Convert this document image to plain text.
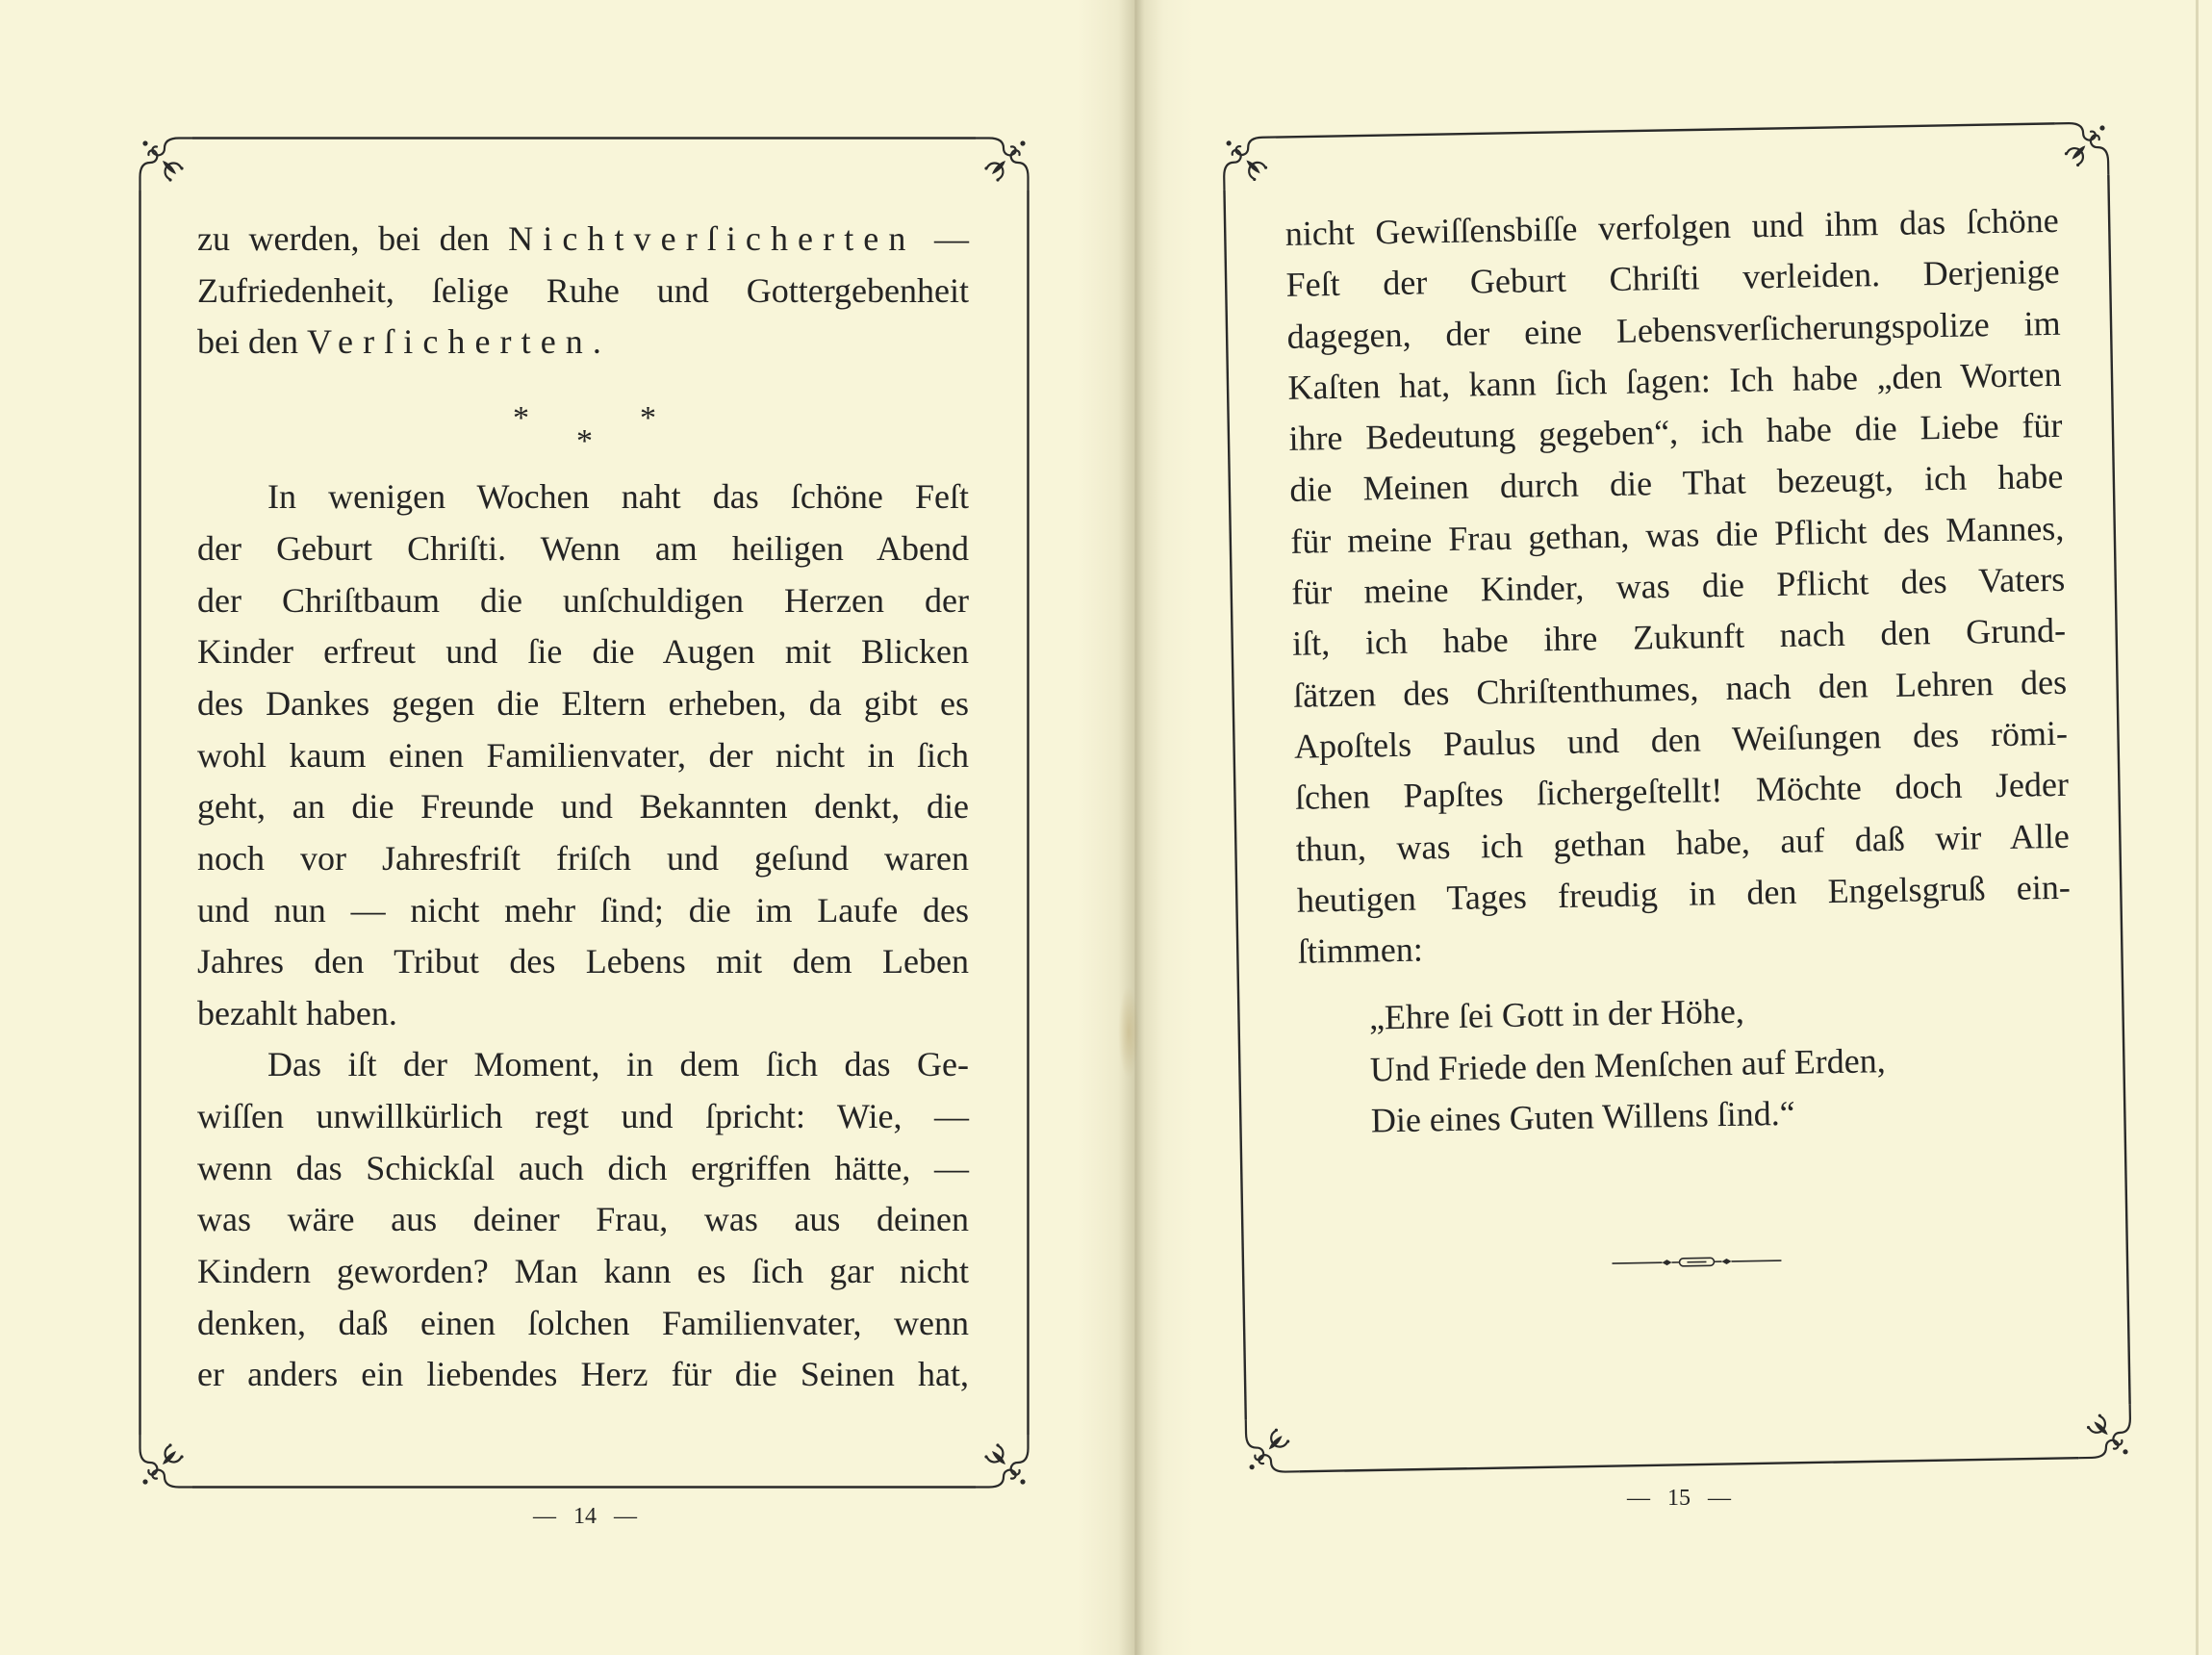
zu werden, bei den Nichtverſicherten —
Zufriedenheit, ſelige Ruhe und Gottergebenheit
bei den Verſicherten.
*	*
*
In wenigen Wochen naht das ſchöne Feſt
der Geburt Chriſti. Wenn am heiligen Abend
der Chriſtbaum die unſchuldigen Herzen der
Kinder erfreut und ſie die Augen mit Blicken
des Dankes gegen die Eltern erheben, da gibt es
wohl kaum einen Familienvater, der nicht in ſich
geht, an die Freunde und Bekannten denkt, die
noch vor Jahresfriſt friſch und geſund waren
und nun — nicht mehr ſind; die im Laufe des
Jahres den Tribut des Lebens mit dem Leben
bezahlt haben.
Das iſt der Moment, in dem ſich das Ge-
wiſſen unwillkürlich regt und ſpricht: Wie, —
wenn das Schickſal auch dich ergriffen hätte, —
was wäre aus deiner Frau, was aus deinen
Kindern geworden? Man kann es ſich gar nicht
denken, daß einen ſolchen Familienvater, wenn
er anders ein liebendes Herz für die Seinen hat,
— 14 —
nicht Gewiſſensbiſſe verfolgen und ihm das ſchöne
Feſt der Geburt Chriſti verleiden. Derjenige
dagegen, der eine Lebensverſicherungspolize im
Kaſten hat, kann ſich ſagen: Ich habe „den Worten
ihre Bedeutung gegeben“, ich habe die Liebe für
die Meinen durch die That bezeugt, ich habe
für meine Frau gethan, was die Pflicht des Mannes,
für meine Kinder, was die Pflicht des Vaters
iſt, ich habe ihre Zukunft nach den Grund-
ſätzen des Chriſtenthumes, nach den Lehren des
Apoſtels Paulus und den Weiſungen des römi-
ſchen Papſtes ſichergeſtellt! Möchte doch Jeder
thun, was ich gethan habe, auf daß wir Alle
heutigen Tages freudig in den Engelsgruß ein-
ſtimmen:
„Ehre ſei Gott in der Höhe,
Und Friede den Menſchen auf Erden,
Die eines Guten Willens ſind.“
— 15 —
